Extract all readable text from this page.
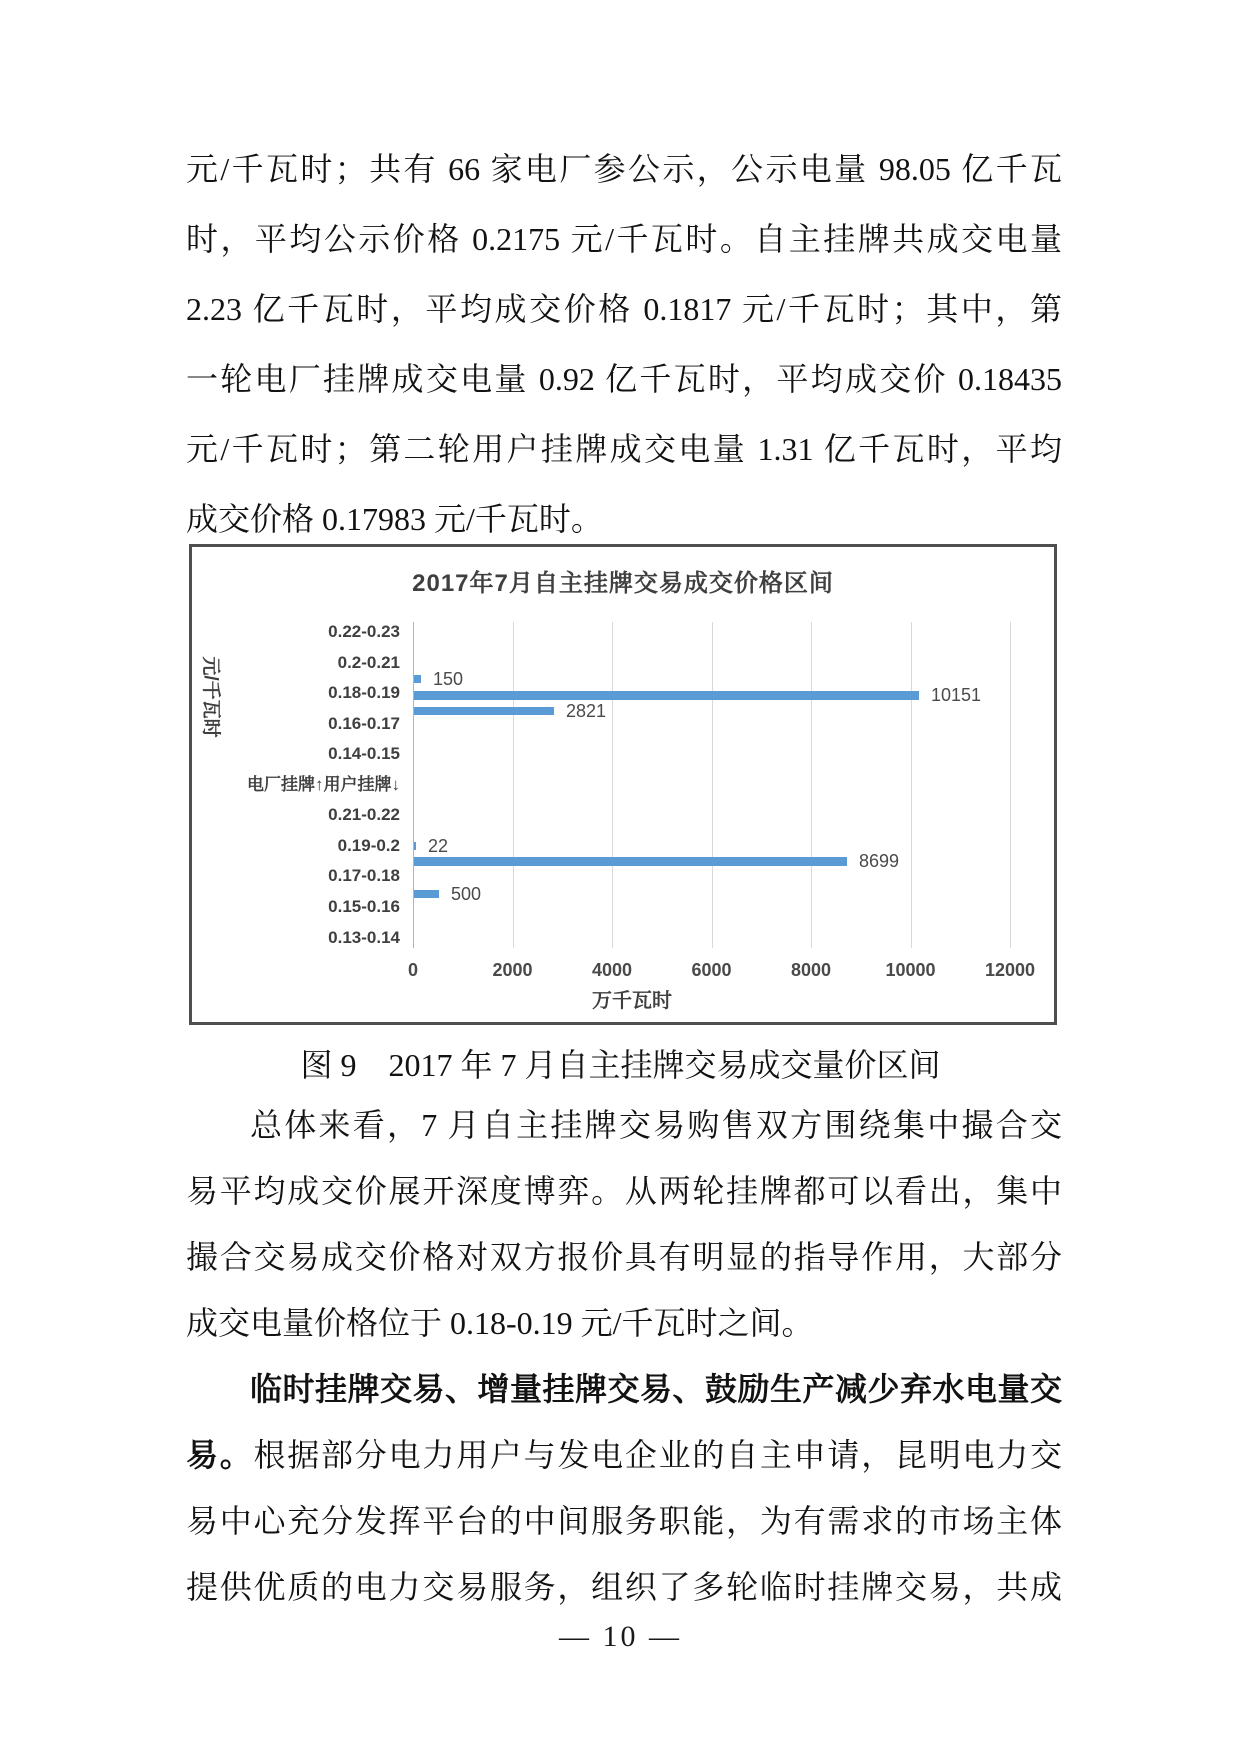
元/千瓦时；共有 66 家电厂参公示，公示电量 98.05 亿千瓦
时，平均公示价格 0.2175 元/千瓦时。自主挂牌共成交电量
2.23 亿千瓦时，平均成交价格 0.1817 元/千瓦时；其中，第
一轮电厂挂牌成交电量 0.92 亿千瓦时，平均成交价 0.18435
元/千瓦时；第二轮用户挂牌成交电量 1.31 亿千瓦时，平均
成交价格 0.17983 元/千瓦时。
2017年7月自主挂牌交易成交价格区间
元/千瓦时
万千瓦时
0	2000	4000	6000	8000	10000	12000
0.22-0.23
0.2-0.21
150
0.18-0.19	10151
0.16-0.17
2821
0.14-0.15
电厂挂牌↑用户挂牌↓
0.21-0.22
0.19-0.2 22
0.17-0.18
8699
0.15-0.16
500
0.13-0.14
图 9　2017 年 7 月自主挂牌交易成交量价区间
总体来看，7 月自主挂牌交易购售双方围绕集中撮合交
易平均成交价展开深度博弈。从两轮挂牌都可以看出，集中
撮合交易成交价格对双方报价具有明显的指导作用，大部分
成交电量价格位于 0.18-0.19 元/千瓦时之间。
临时挂牌交易、增量挂牌交易、鼓励生产减少弃水电量交
易。根据部分电力用户与发电企业的自主申请，昆明电力交
易中心充分发挥平台的中间服务职能，为有需求的市场主体
提供优质的电力交易服务，组织了多轮临时挂牌交易，共成
— 10 —
